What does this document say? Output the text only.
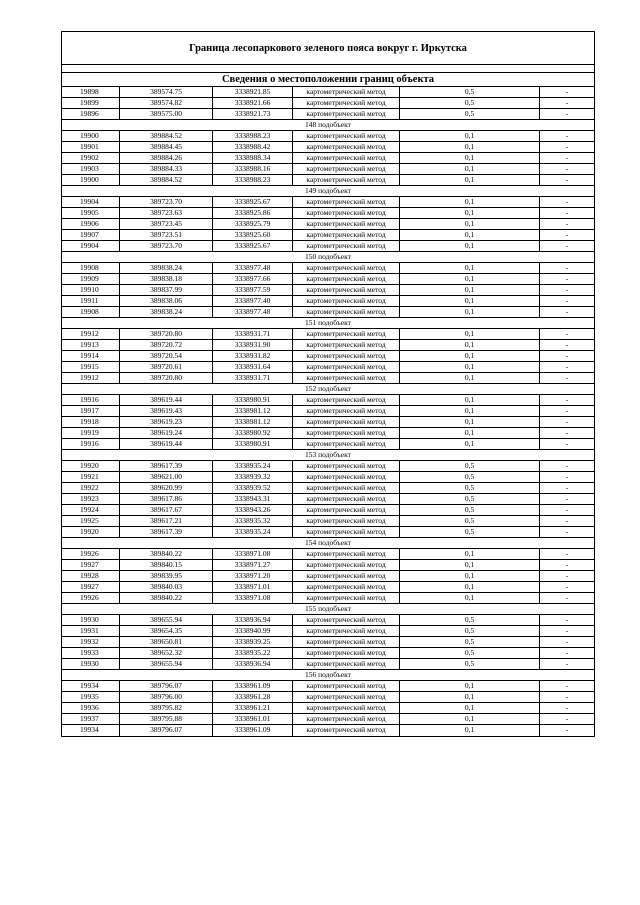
Граница лесопаркового зеленого пояса вокруг г. Иркутска
Сведения о местоположении границ объекта
19898	389574.75	3338921.85	картометрический метод	0,5	-
19899	389574.82	3338921.66	картометрический метод	0,5	-
19896	389575.00	3338921.73	картометрический метод	0,5	-
148 подобъект
19900	389884.52	3338988.23	картометрический метод	0,1	-
19901	389884.45	3338988.42	картометрический метод	0,1	-
19902	389884.26	3338988.34	картометрический метод	0,1	-
19903	389884.33	3338988.16	картометрический метод	0,1	-
19900	389884.52	3338988.23	картометрический метод	0,1	-
149 подобъект
19904	389723.70	3338925.67	картометрический метод	0,1	-
19905	389723.63	3338925.86	картометрический метод	0,1	-
19906	389723.45	3338925.79	картометрический метод	0,1	-
19907	389723.51	3338925.60	картометрический метод	0,1	-
19904	389723.70	3338925.67	картометрический метод	0,1	-
150 подобъект
19908	389838.24	3338977.48	картометрический метод	0,1	-
19909	389838.18	3338977.66	картометрический метод	0,1	-
19910	389837.99	3338977.59	картометрический метод	0,1	-
19911	389838.06	3338977.40	картометрический метод	0,1	-
19908	389838.24	3338977.48	картометрический метод	0,1	-
151 подобъект
19912	389720.80	3338931.71	картометрический метод	0,1	-
19913	389720.72	3338931.90	картометрический метод	0,1	-
19914	389720.54	3338931.82	картометрический метод	0,1	-
19915	389720.61	3338931.64	картометрический метод	0,1	-
19912	389720.80	3338931.71	картометрический метод	0,1	-
152 подобъект
19916	389619.44	3338980.91	картометрический метод	0,1	-
19917	389619.43	3338981.12	картометрический метод	0,1	-
19918	389619.23	3338981.12	картометрический метод	0,1	-
19919	389619.24	3338980.92	картометрический метод	0,1	-
19916	389619.44	3338980.91	картометрический метод	0,1	-
153 подобъект
19920	389617.39	3338935.24	картометрический метод	0,5	-
19921	389621.00	3338939.32	картометрический метод	0,5	-
19922	389620.99	3338939.52	картометрический метод	0,5	-
19923	389617.86	3338943.31	картометрический метод	0,5	-
19924	389617.67	3338943.26	картометрический метод	0,5	-
19925	389617.21	3338935.32	картометрический метод	0,5	-
19920	389617.39	3338935.24	картометрический метод	0,5	-
154 подобъект
19926	389840.22	3338971.08	картометрический метод	0,1	-
19927	389840.15	3338971.27	картометрический метод	0,1	-
19928	389839.95	3338971.20	картометрический метод	0,1	-
19927	389840.03	3338971.01	картометрический метод	0,1	-
19926	389840.22	3338971.08	картометрический метод	0,1	-
155 подобъект
19930	389655.94	3338936.94	картометрический метод	0,5	-
19931	389654.35	3338940.99	картометрический метод	0,5	-
19932	389650.81	3338939.25	картометрический метод	0,5	-
19933	389652.32	3338935.22	картометрический метод	0,5	-
19930	389655.94	3338936.94	картометрический метод	0,5	-
156 подобъект
19934	389796.07	3338961.09	картометрический метод	0,1	-
19935	389796.00	3338961.28	картометрический метод	0,1	-
19936	389795.82	3338961.21	картометрический метод	0,1	-
19937	389795.88	3338961.01	картометрический метод	0,1	-
19934	389796.07	3338961.09	картометрический метод	0,1	-
